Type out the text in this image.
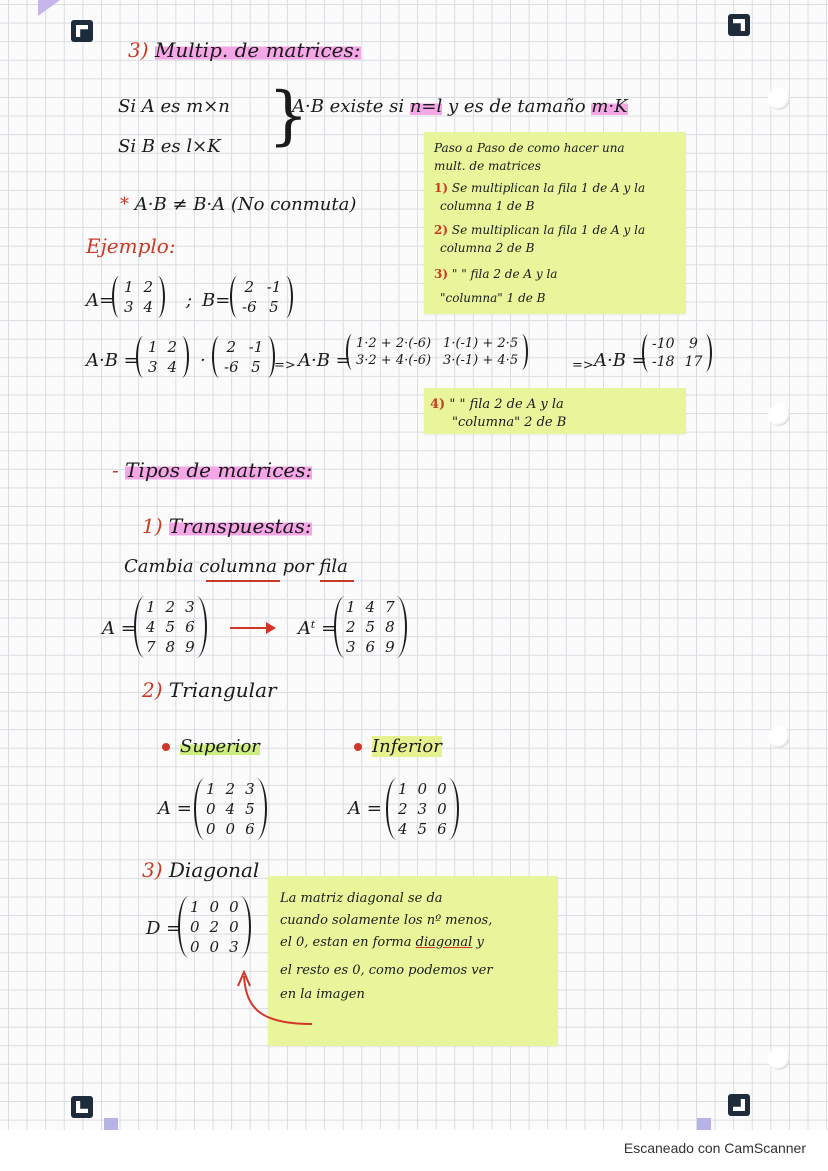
3) Multip. de matrices:
Si A es m×n
Si B es l×K }
A·B existe si n=l y es de tamaño m·K
* A·B ≠ B·A (No conmuta)
Paso a Paso de como hacer una
mult. de matrices
1) Se multiplican la fila 1 de A y la
columna 1 de B
2) Se multiplican la fila 1 de A y la
columna 2 de B
3) " " fila 2 de A y la
"columna" 1 de B
Ejemplo:
A=
1 2
3 4 ; B=
2 -1
-6 5
A·B =
1 2
3 4 ·
2 -1
-6 5 => A·B =
1·2 + 2·(-6) 1·(-1) + 2·5
3·2 + 4·(-6) 3·(-1) + 4·5	=> A·B =
-10	9
-18 17
4) " " fila 2 de A y la
"columna" 2 de B
- Tipos de matrices:
1) Transpuestas:
Cambia columna por fila
A =
1 2 3
4 5 6
7 8 9
Aᵗ =
1 4 7
2 5 8
3 6 9
2) Triangular
Superior	Inferior
A =
1 2 3
0 4 5
0 0 6
A =
1 0 0
2 3 0
4 5 6
3) Diagonal
D =
1 0 0
0 2 0
0 0 3
La matriz diagonal se da
cuando solamente los nº menos,
el 0, estan en forma diagonal y
el resto es 0, como podemos ver
en la imagen
Escaneado con CamScanner
